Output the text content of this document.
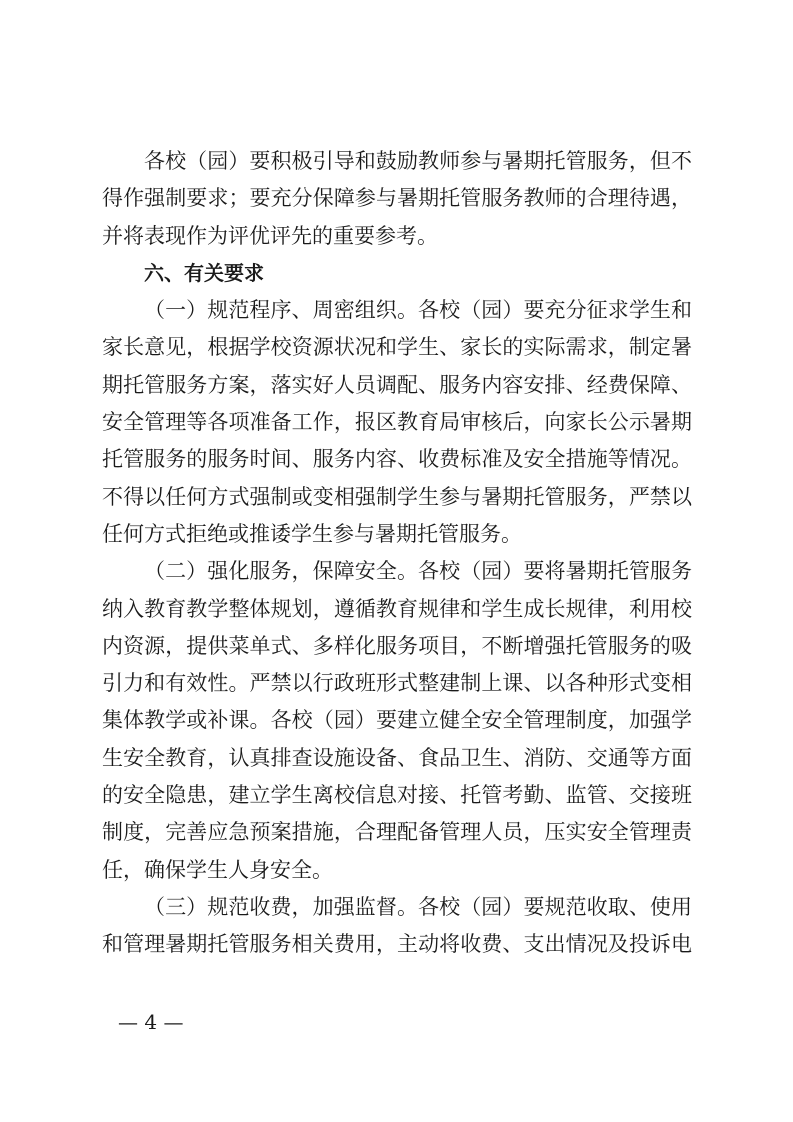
各校（园）要积极引导和鼓励教师参与暑期托管服务，但不
得作强制要求；要充分保障参与暑期托管服务教师的合理待遇，
并将表现作为评优评先的重要参考。
六、有关要求
（一）规范程序、周密组织。各校（园）要充分征求学生和
家长意见，根据学校资源状况和学生、家长的实际需求，制定暑
期托管服务方案，落实好人员调配、服务内容安排、经费保障、
安全管理等各项准备工作，报区教育局审核后，向家长公示暑期
托管服务的服务时间、服务内容、收费标准及安全措施等情况。
不得以任何方式强制或变相强制学生参与暑期托管服务，严禁以
任何方式拒绝或推诿学生参与暑期托管服务。
（二）强化服务，保障安全。各校（园）要将暑期托管服务
纳入教育教学整体规划，遵循教育规律和学生成长规律，利用校
内资源，提供菜单式、多样化服务项目，不断增强托管服务的吸
引力和有效性。严禁以行政班形式整建制上课、以各种形式变相
集体教学或补课。各校（园）要建立健全安全管理制度，加强学
生安全教育，认真排查设施设备、食品卫生、消防、交通等方面
的安全隐患，建立学生离校信息对接、托管考勤、监管、交接班
制度，完善应急预案措施，合理配备管理人员，压实安全管理责
任，确保学生人身安全。
（三）规范收费，加强监督。各校（园）要规范收取、使用
和管理暑期托管服务相关费用，主动将收费、支出情况及投诉电
— 4 —
